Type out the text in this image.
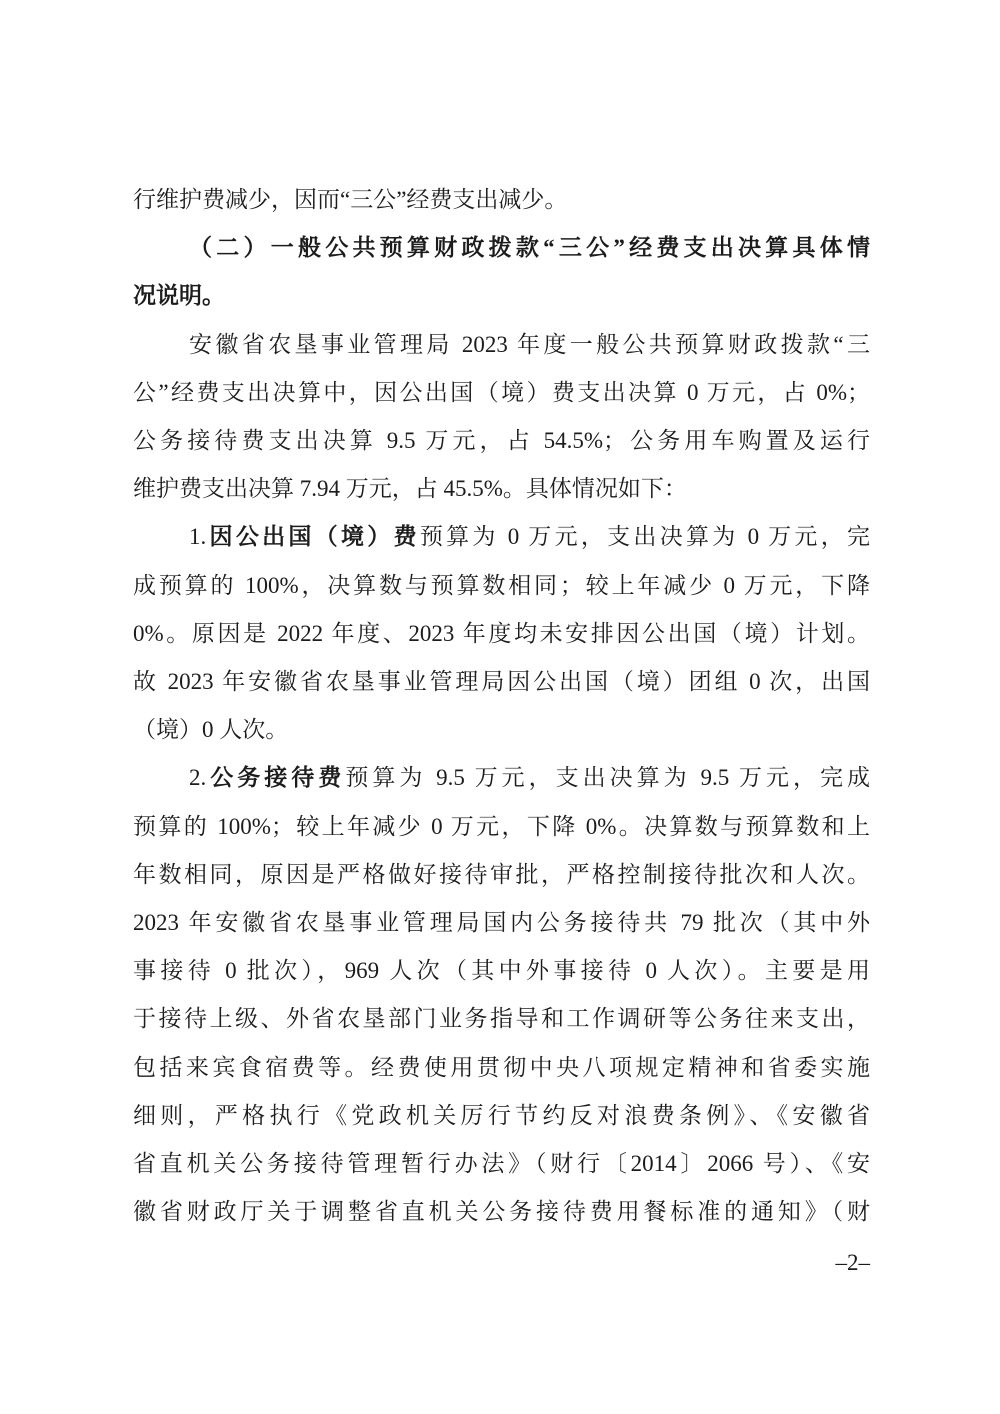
行维护费减少，因而“三公”经费支出减少。
（二）一般公共预算财政拨款“三公”经费支出决算具体情
况说明。
安徽省农垦事业管理局 2023 年度一般公共预算财政拨款“三
公”经费支出决算中，因公出国（境）费支出决算 0 万元，占 0%；
公务接待费支出决算 9.5 万元，占 54.5%；公务用车购置及运行
维护费支出决算 7.94 万元，占 45.5%。具体情况如下：
1.因公出国（境）费预算为 0 万元，支出决算为 0 万元，完
成预算的 100%，决算数与预算数相同；较上年减少 0 万元，下降
0%。原因是 2022 年度、2023 年度均未安排因公出国（境）计划。
故 2023 年安徽省农垦事业管理局因公出国（境）团组 0 次，出国
（境）0 人次。
2.公务接待费预算为 9.5 万元，支出决算为 9.5 万元，完成
预算的 100%；较上年减少 0 万元，下降 0%。决算数与预算数和上
年数相同，原因是严格做好接待审批，严格控制接待批次和人次。
2023 年安徽省农垦事业管理局国内公务接待共 79 批次（其中外
事接待 0 批次），969 人次（其中外事接待 0 人次）。主要是用
于接待上级、外省农垦部门业务指导和工作调研等公务往来支出，
包括来宾食宿费等。经费使用贯彻中央八项规定精神和省委实施
细则，严格执行《党政机关厉行节约反对浪费条例》、《安徽省
省直机关公务接待管理暂行办法》（财行〔2014〕2066 号）、《安
徽省财政厅关于调整省直机关公务接待费用餐标准的通知》（财
–2–
